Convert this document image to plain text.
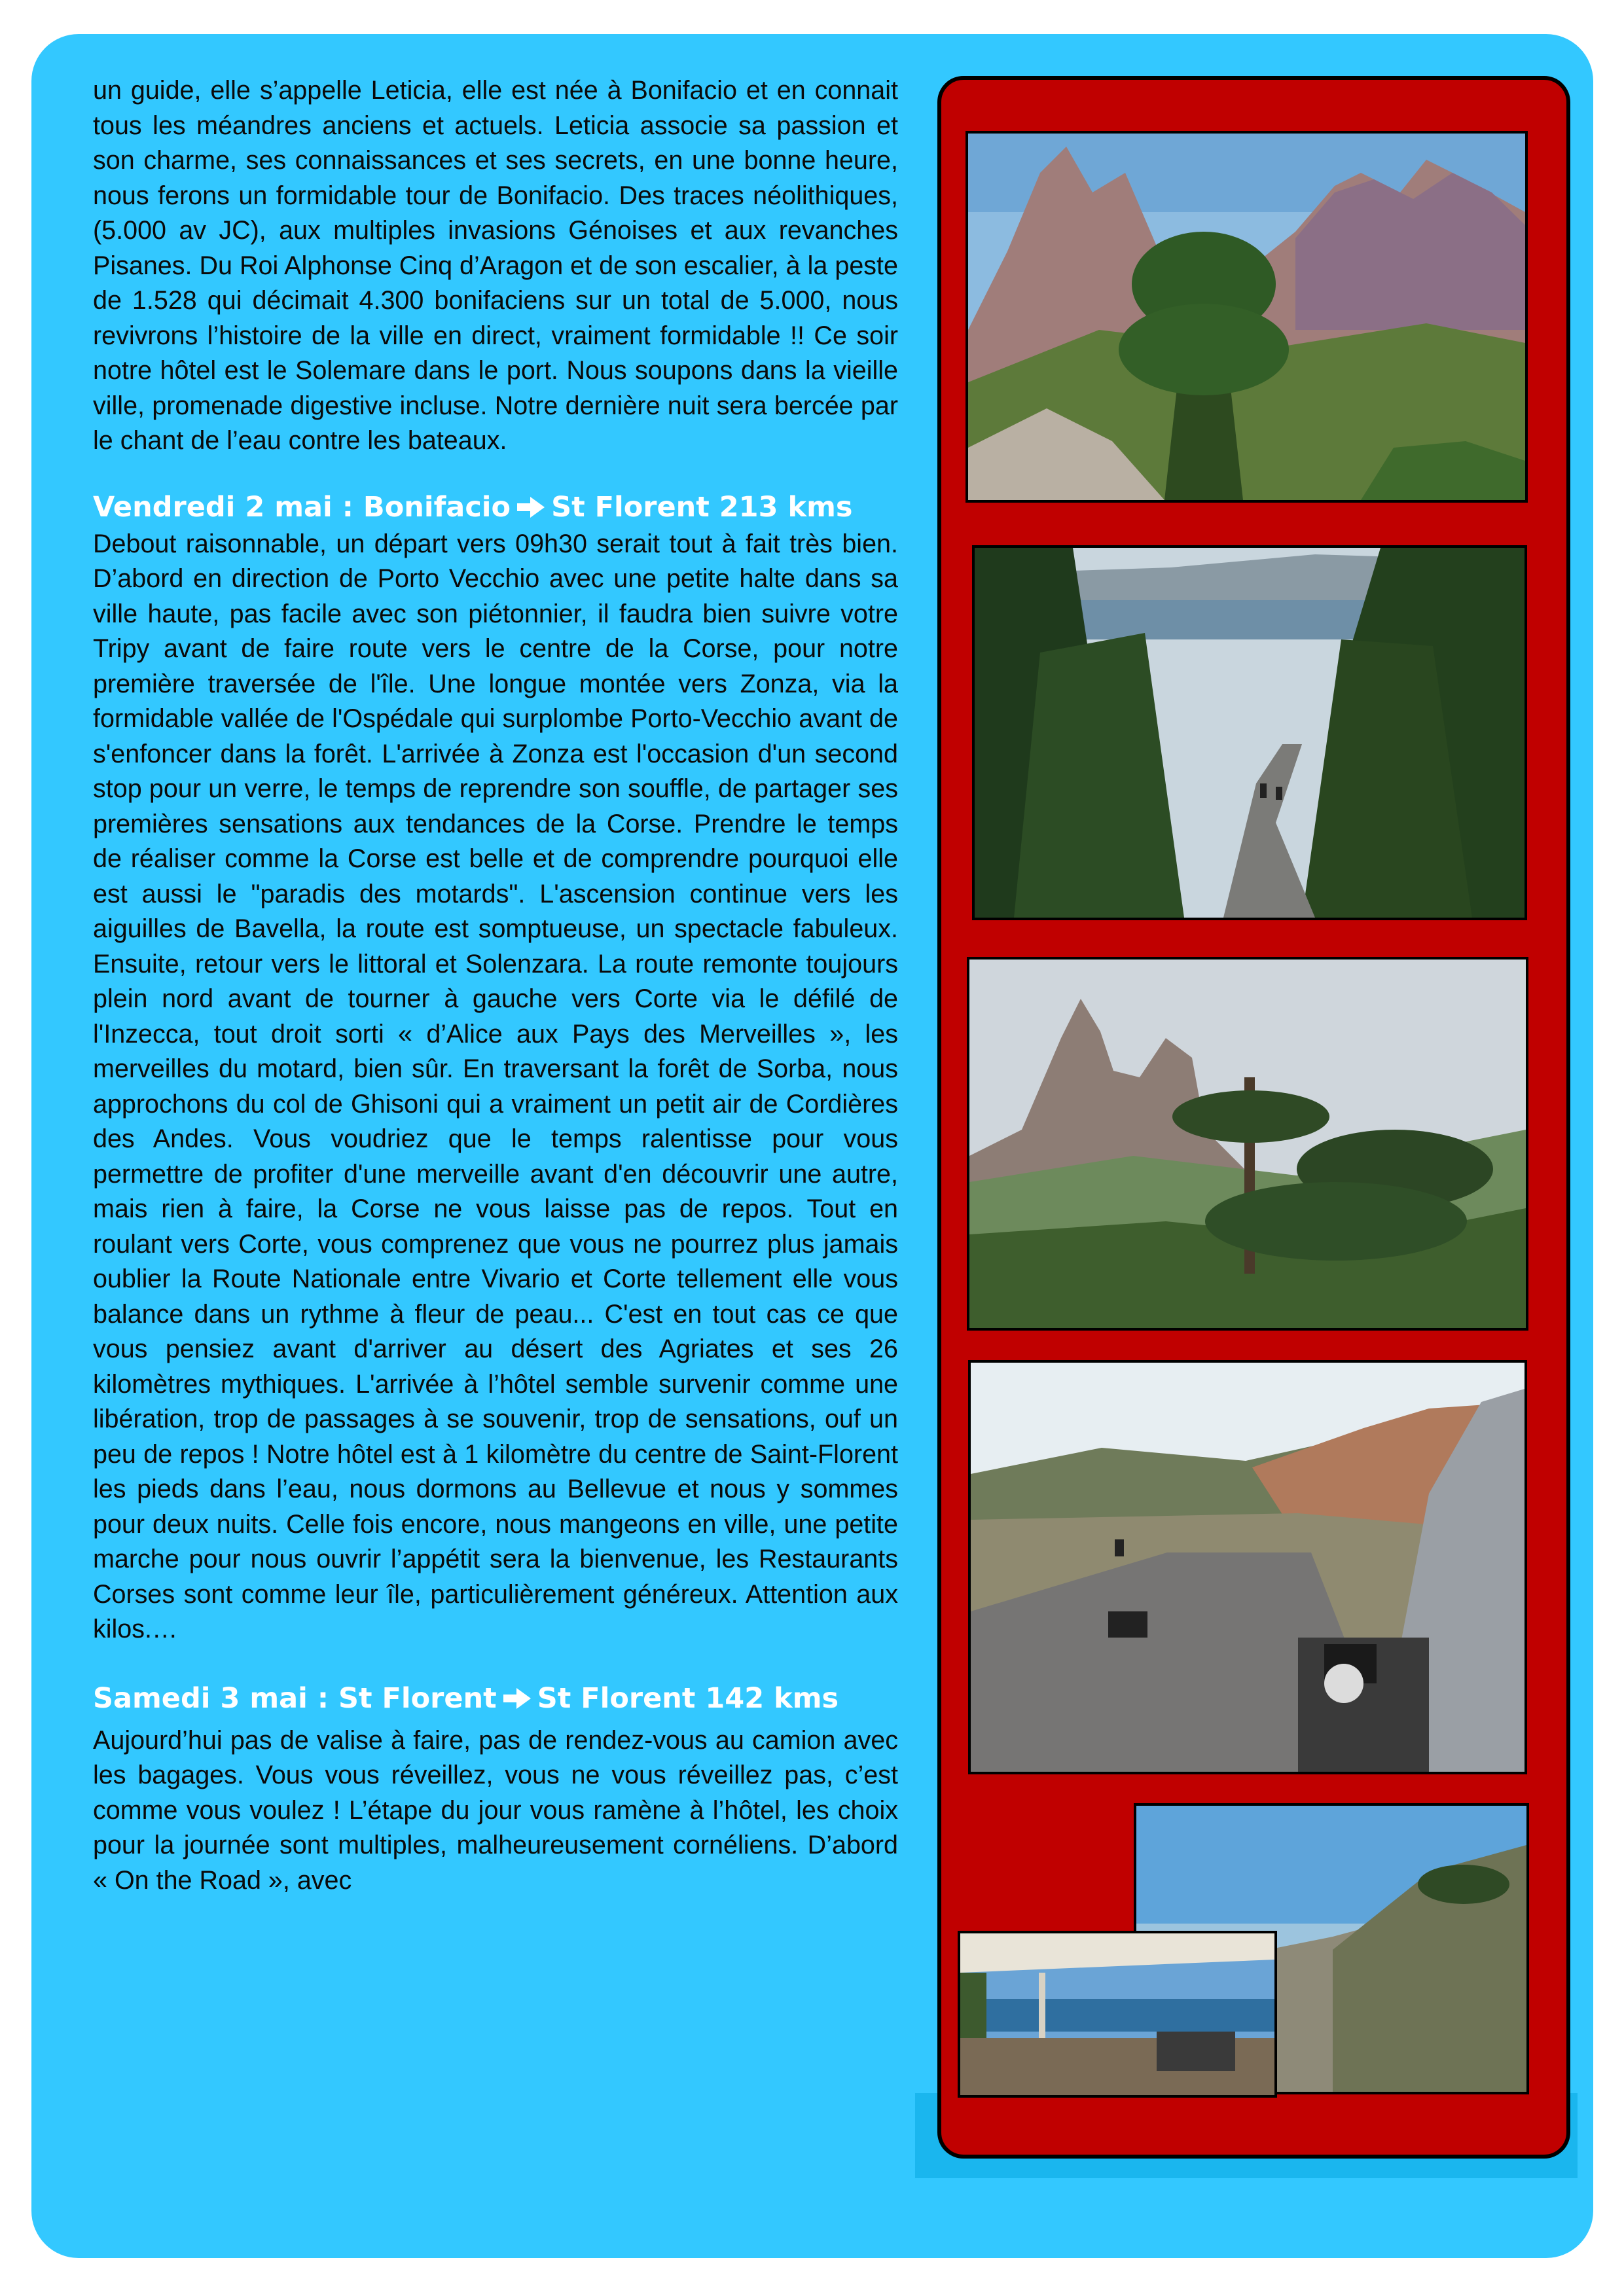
un guide, elle s’appelle Leticia, elle est née à Bonifacio et en connait tous les méandres anciens et actuels. Leticia associe sa passion et son charme, ses connaissances et ses secrets, en une bonne heure, nous ferons un formidable tour de Bonifacio. Des traces néolithiques, (5.000 av JC), aux multiples invasions Génoises et aux revanches Pisanes. Du Roi Alphonse Cinq d’Aragon et de son escalier, à la peste de 1.528 qui décimait 4.300 bonifaciens sur un total de 5.000, nous revivrons l’histoire de la ville en direct, vraiment formidable !! Ce soir notre hôtel est le Solemare dans le port. Nous soupons dans la vieille ville, promenade digestive incluse. Notre dernière nuit sera bercée par le chant de l’eau contre les bateaux.

Vendredi 2 mai : Bonifacio St Florent 213 kms

Debout raisonnable, un départ vers 09h30 serait tout à fait très bien. D’abord en direction de Porto Vecchio avec une petite halte dans sa ville haute, pas facile avec son piétonnier, il faudra bien suivre votre Tripy avant de faire route vers le centre de la Corse, pour notre première traversée de l'île. Une longue montée vers Zonza, via la formidable vallée de l'Ospédale qui surplombe Porto-Vecchio avant de s'enfoncer dans la forêt. L'arrivée à Zonza est l'occasion d'un second stop pour un verre, le temps de reprendre son souffle, de partager ses premières sensations aux tendances de la Corse. Prendre le temps de réaliser comme la Corse est belle et de comprendre pourquoi elle est aussi le "paradis des motards". L'ascension continue vers les aiguilles de Bavella, la route est somptueuse, un spectacle fabuleux. Ensuite, retour vers le littoral et Solenzara. La route remonte toujours plein nord avant de tourner à gauche vers Corte via le défilé de l'Inzecca, tout droit sorti « d’Alice aux Pays des Merveilles », les merveilles du motard, bien sûr. En traversant la forêt de Sorba, nous approchons du col de Ghisoni qui a vraiment un petit air de Cordières des Andes. Vous voudriez que le temps ralentisse pour vous permettre de profiter d'une merveille avant d'en découvrir une autre, mais rien à faire, la Corse ne vous laisse pas de repos. Tout en roulant vers Corte, vous comprenez que vous ne pourrez plus jamais oublier la Route Nationale entre Vivario et Corte tellement elle vous balance dans un rythme à fleur de peau... C'est en tout cas ce que vous pensiez avant d'arriver au désert des Agriates et ses 26 kilomètres mythiques. L'arrivée à l’hôtel semble survenir comme une libération, trop de passages à se souvenir, trop de sensations, ouf un peu de repos ! Notre hôtel est à 1 kilomètre du centre de Saint-Florent les pieds dans l’eau, nous dormons au Bellevue et nous y sommes pour deux nuits. Celle fois encore, nous mangeons en ville, une petite marche pour nous ouvrir l’appétit sera la bienvenue, les Restaurants Corses sont comme leur île, particulièrement généreux. Attention aux kilos.…

Samedi 3 mai : St Florent St Florent 142 kms

Aujourd’hui pas de valise à faire, pas de rendez-vous au camion avec les bagages. Vous vous réveillez, vous ne vous réveillez pas, c’est comme vous voulez ! L’étape du jour vous ramène à l’hôtel, les choix pour la journée sont multiples, malheureusement cornéliens. D’abord « On the Road », avec
